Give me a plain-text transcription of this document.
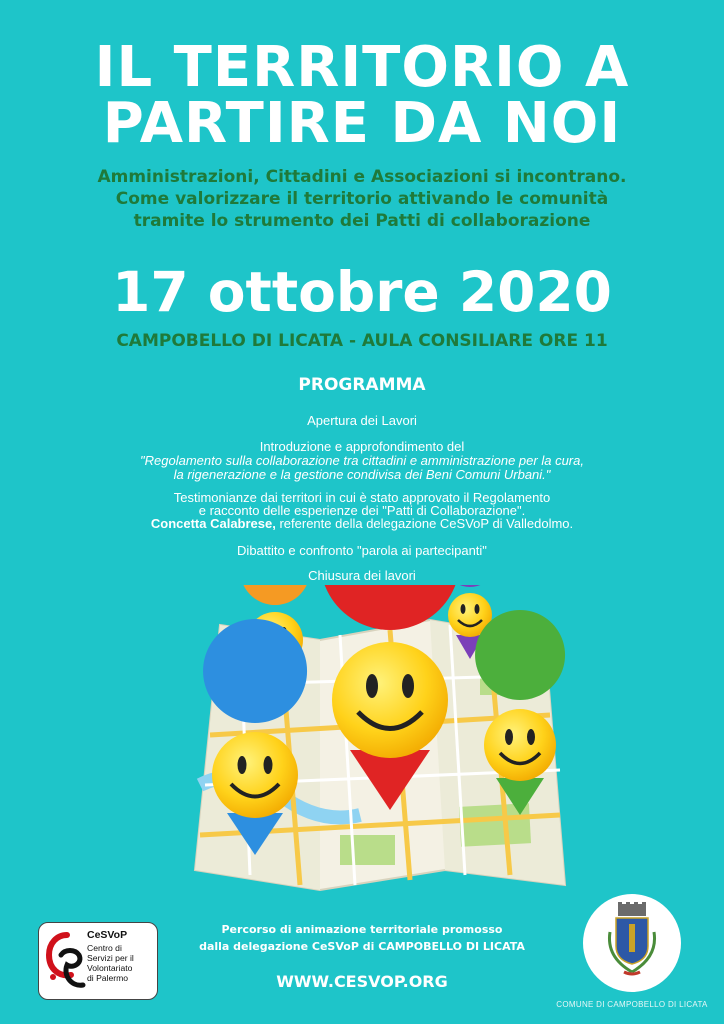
IL TERRITORIO A
PARTIRE DA NOI
Amministrazioni, Cittadini e Associazioni si incontrano.
Come valorizzare il territorio attivando le comunità
tramite lo strumento dei Patti di collaborazione
17 ottobre 2020
CAMPOBELLO DI LICATA - AULA CONSILIARE ORE 11
PROGRAMMA
Apertura dei Lavori
Introduzione e approfondimento del
"Regolamento sulla collaborazione tra cittadini e amministrazione per la cura,
la rigenerazione e la gestione condivisa dei Beni Comuni Urbani."
Testimonianze dai territori in cui è stato approvato il Regolamento
e racconto delle esperienze dei "Patti di Collaborazione".
Concetta Calabrese, referente della delegazione CeSVoP di Valledolmo.
Dibattito e confronto "parola ai partecipanti"
Chiusura dei lavori
Percorso di animazione territoriale promosso
dalla delegazione CeSVoP di CAMPOBELLO DI LICATA
WWW.CESVOP.ORG
CeSVoP
Centro di
Servizi per il
Volontariato
di Palermo
COMUNE DI CAMPOBELLO DI LICATA
